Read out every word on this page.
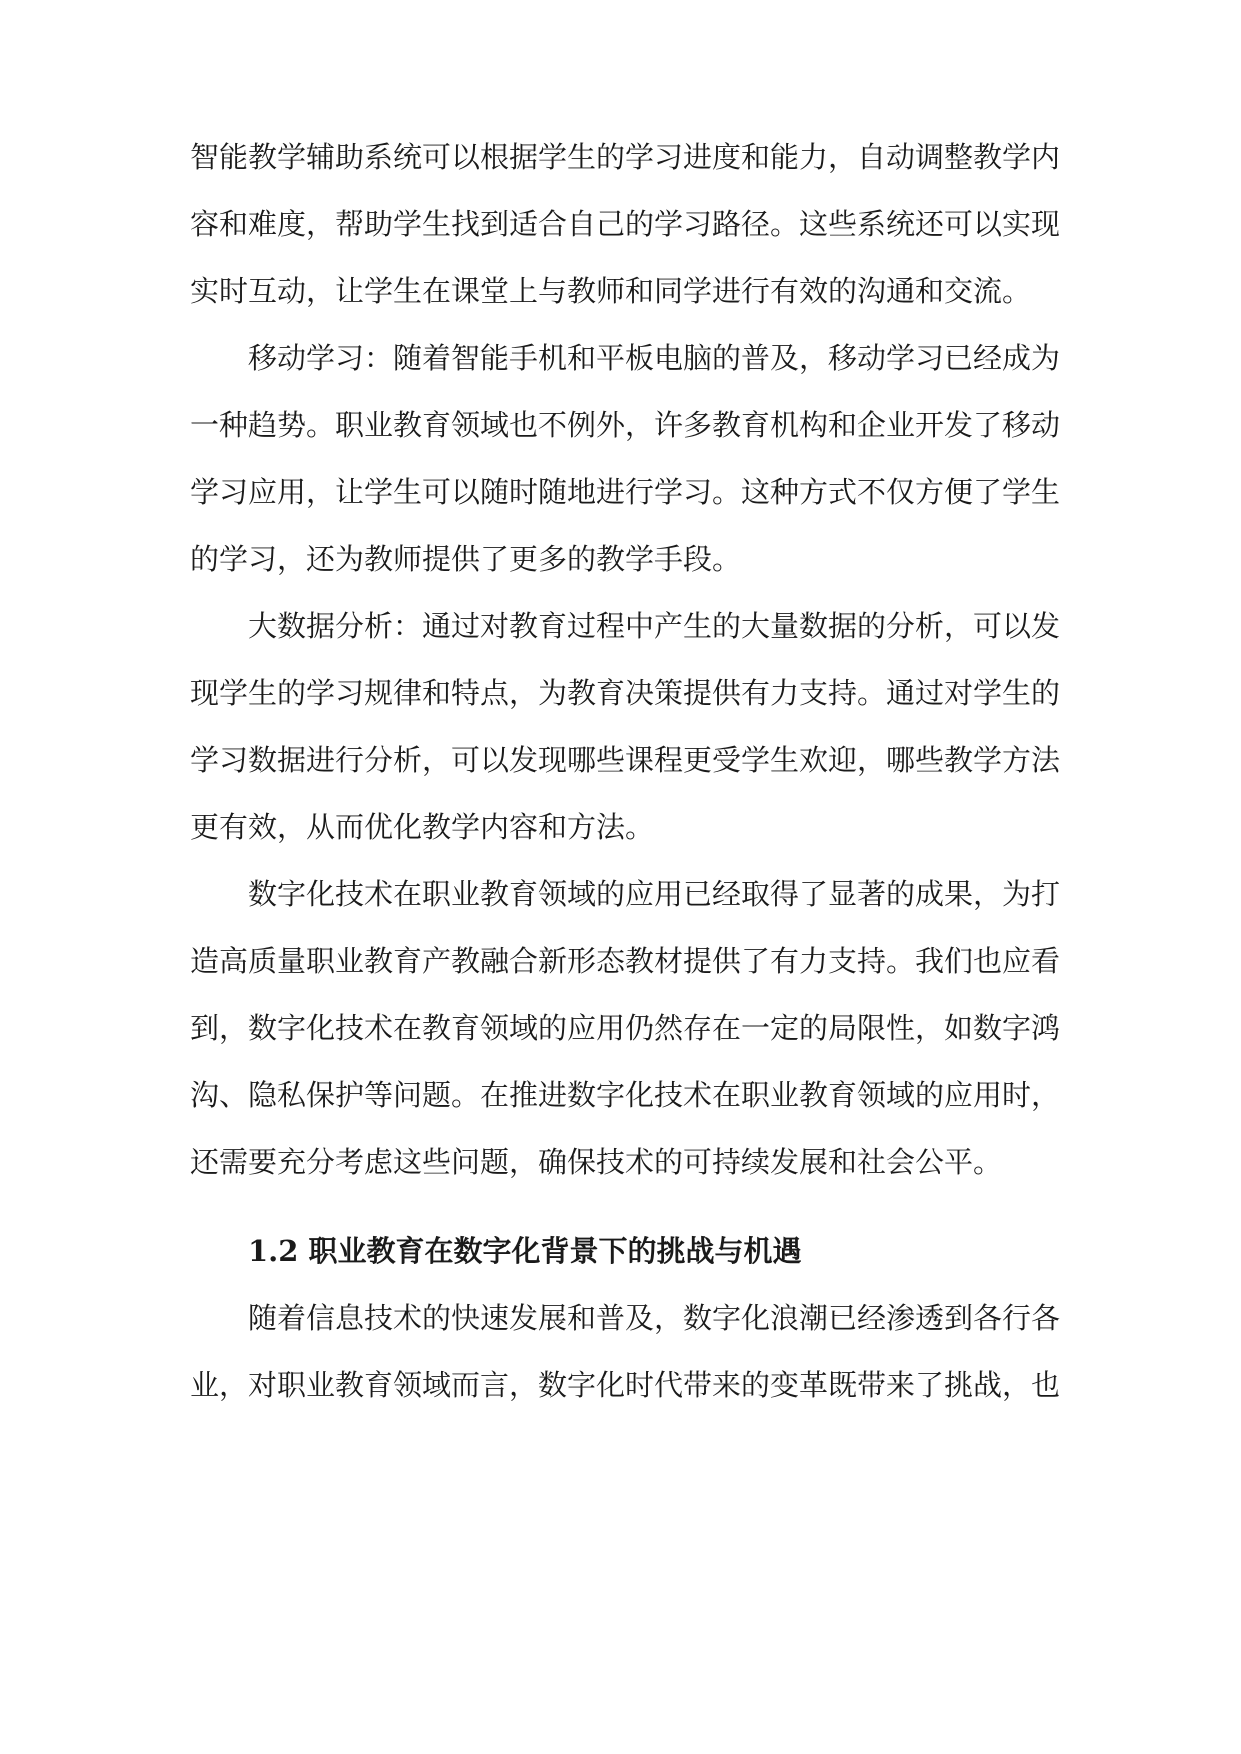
智能教学辅助系统可以根据学生的学习进度和能力，自动调整教学内
容和难度，帮助学生找到适合自己的学习路径。这些系统还可以实现
实时互动，让学生在课堂上与教师和同学进行有效的沟通和交流。
移动学习：随着智能手机和平板电脑的普及，移动学习已经成为
一种趋势。职业教育领域也不例外，许多教育机构和企业开发了移动
学习应用，让学生可以随时随地进行学习。这种方式不仅方便了学生
的学习，还为教师提供了更多的教学手段。
大数据分析：通过对教育过程中产生的大量数据的分析，可以发
现学生的学习规律和特点，为教育决策提供有力支持。通过对学生的
学习数据进行分析，可以发现哪些课程更受学生欢迎，哪些教学方法
更有效，从而优化教学内容和方法。
数字化技术在职业教育领域的应用已经取得了显著的成果，为打
造高质量职业教育产教融合新形态教材提供了有力支持。我们也应看
到，数字化技术在教育领域的应用仍然存在一定的局限性，如数字鸿
沟、隐私保护等问题。在推进数字化技术在职业教育领域的应用时，
还需要充分考虑这些问题，确保技术的可持续发展和社会公平。
1.2 职业教育在数字化背景下的挑战与机遇
随着信息技术的快速发展和普及，数字化浪潮已经渗透到各行各
业，对职业教育领域而言，数字化时代带来的变革既带来了挑战，也
